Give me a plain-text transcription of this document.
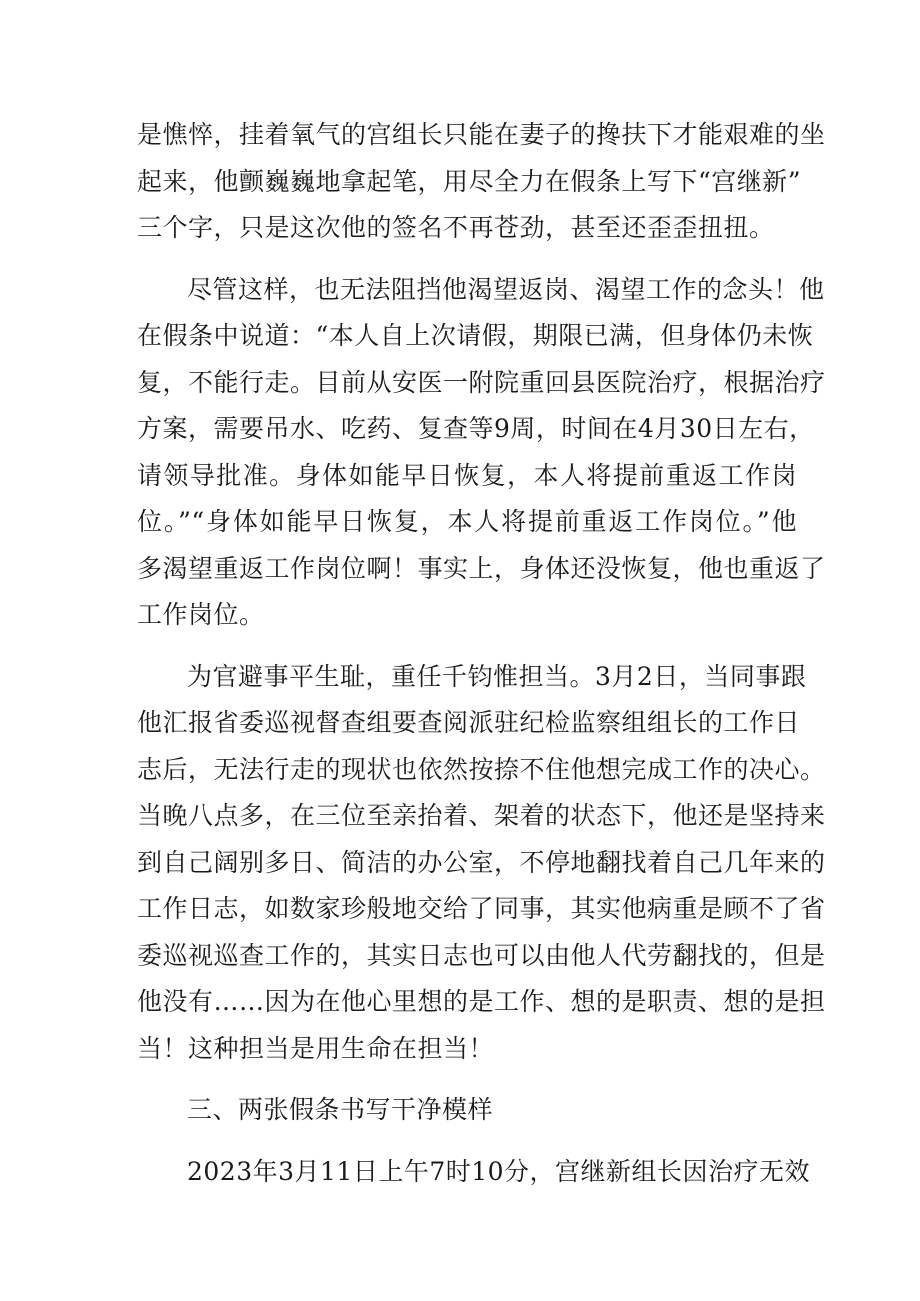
是憔悴，挂着氧气的宫组长只能在妻子的搀扶下才能艰难的坐
起来，他颤巍巍地拿起笔，用尽全力在假条上写下“宫继新”
三个字，只是这次他的签名不再苍劲，甚至还歪歪扭扭。
尽管这样，也无法阻挡他渴望返岗、渴望工作的念头！他
在假条中说道：“本人自上次请假，期限已满，但身体仍未恢
复，不能行走。目前从安医一附院重回县医院治疗，根据治疗
方案，需要吊水、吃药、复查等9周，时间在4月30日左右，
请领导批准。身体如能早日恢复，本人将提前重返工作岗
位。”“身体如能早日恢复，本人将提前重返工作岗位。”他
多渴望重返工作岗位啊！事实上，身体还没恢复，他也重返了
工作岗位。
为官避事平生耻，重任千钧惟担当。3月2日，当同事跟
他汇报省委巡视督查组要查阅派驻纪检监察组组长的工作日
志后，无法行走的现状也依然按捺不住他想完成工作的决心。
当晚八点多，在三位至亲抬着、架着的状态下，他还是坚持来
到自己阔别多日、简洁的办公室，不停地翻找着自己几年来的
工作日志，如数家珍般地交给了同事，其实他病重是顾不了省
委巡视巡查工作的，其实日志也可以由他人代劳翻找的，但是
他没有……因为在他心里想的是工作、想的是职责、想的是担
当！这种担当是用生命在担当！
三、两张假条书写干净模样
2023年3月11日上午7时10分，宫继新组长因治疗无效
